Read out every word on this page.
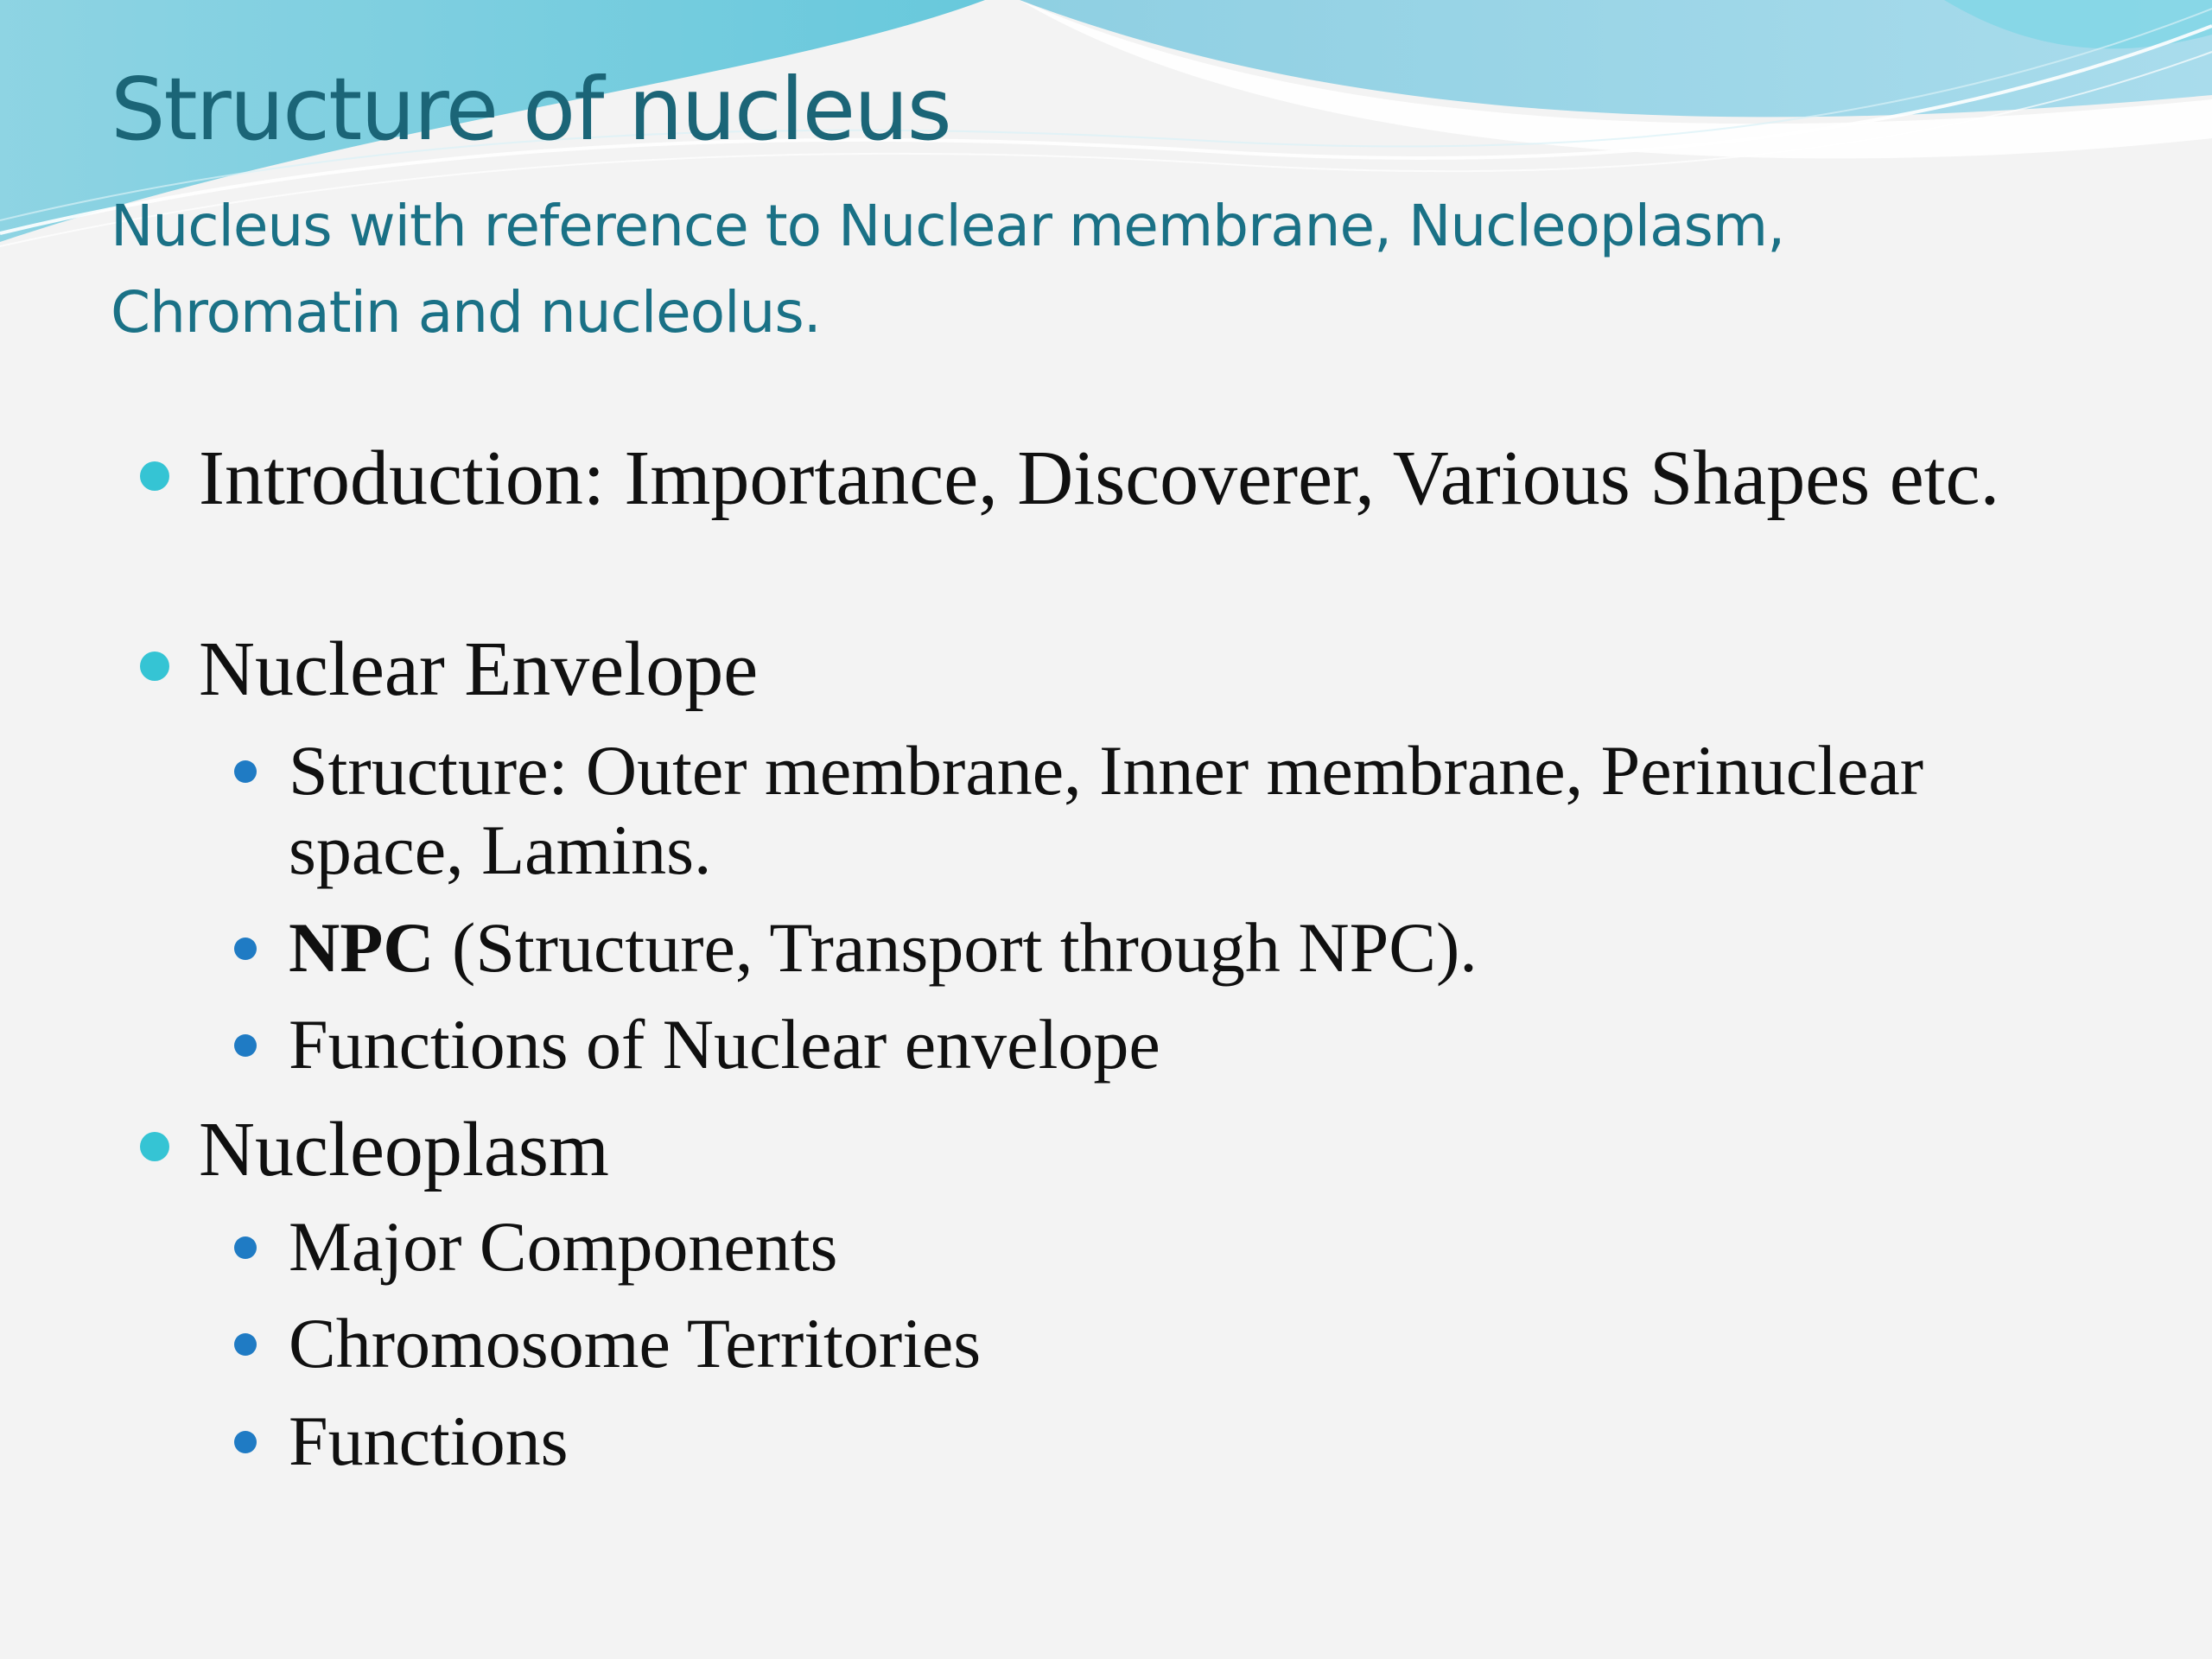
Structure of nucleus

Nucleus with reference to Nuclear membrane, Nucleoplasm, Chromatin and nucleolus.

Introduction: Importance, Discoverer, Various Shapes etc.

Nuclear Envelope

Structure: Outer membrane, Inner membrane, Perinuclear space, Lamins.

NPC (Structure, Transport through NPC).

Functions of Nuclear envelope

Nucleoplasm

Major Components

Chromosome Territories

Functions
